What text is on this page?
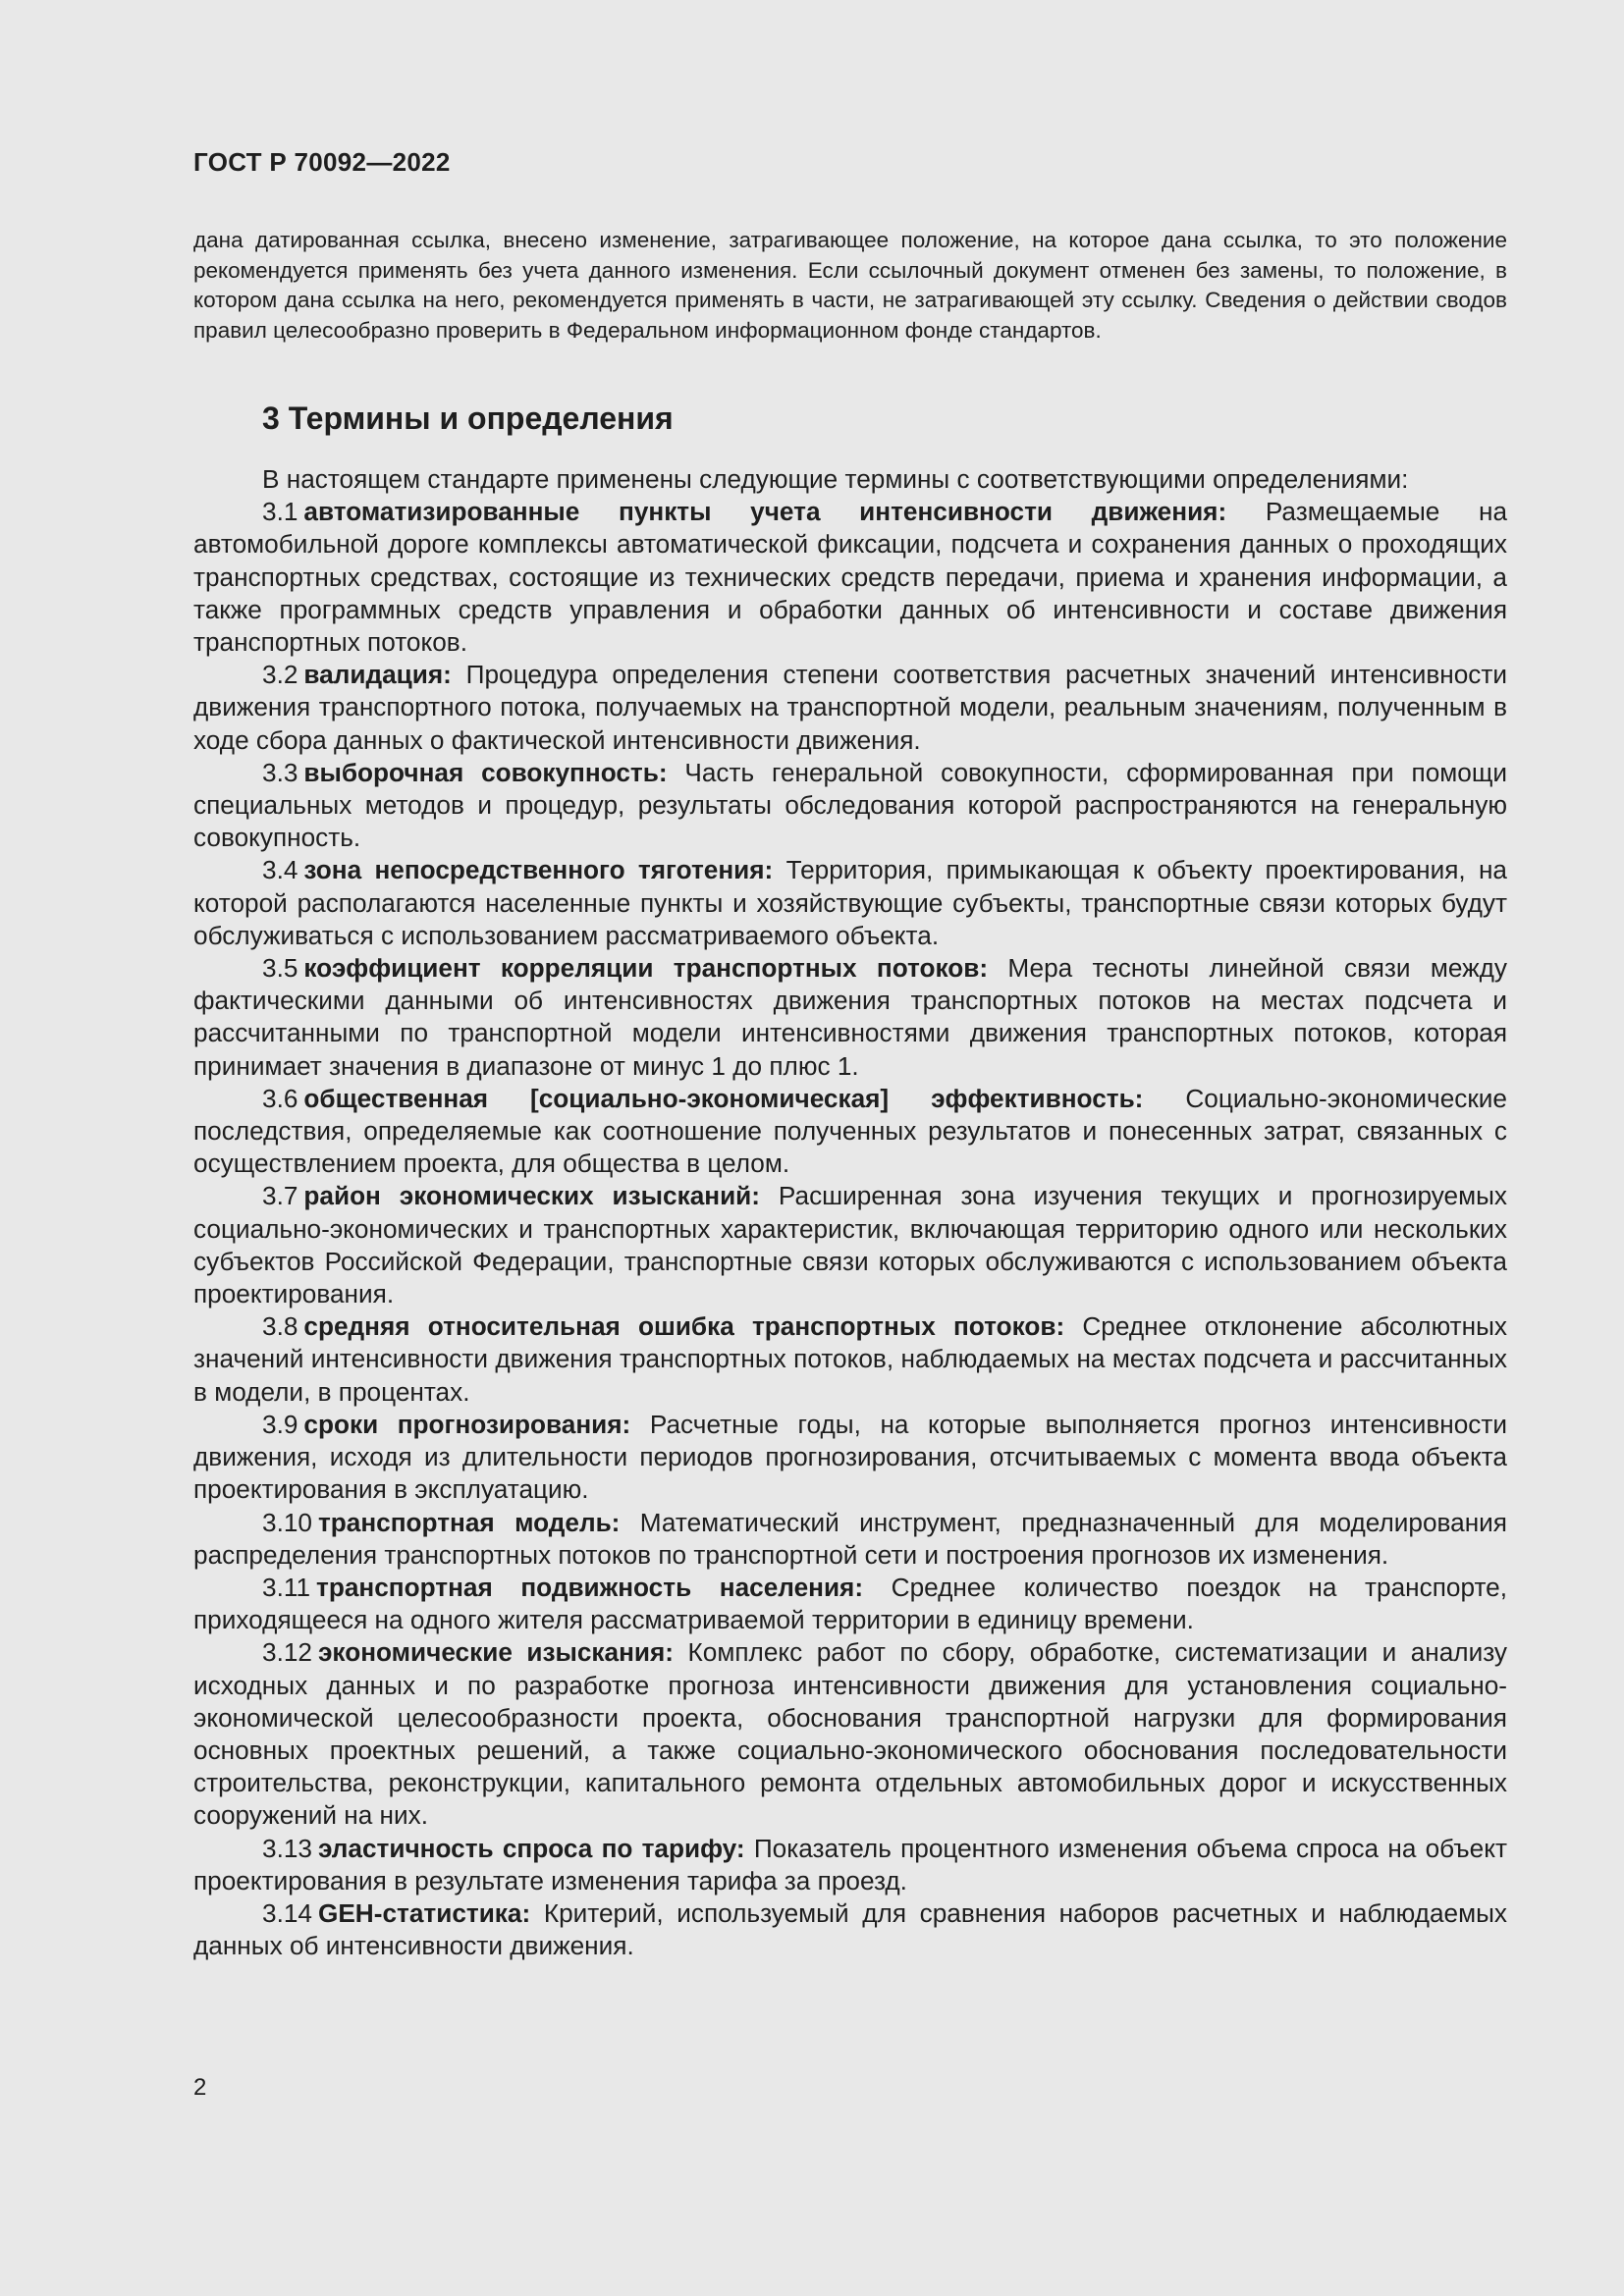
ГОСТ Р 70092—2022

дана датированная ссылка, внесено изменение, затрагивающее положение, на которое дана ссылка, то это положение рекомендуется применять без учета данного изменения. Если ссылочный документ отменен без замены, то положение, в котором дана ссылка на него, рекомендуется применять в части, не затрагивающей эту ссылку. Сведения о действии сводов правил целесообразно проверить в Федеральном информационном фонде стандартов.

3 Термины и определения

В настоящем стандарте применены следующие термины с соответствующими определениями:

3.1 автоматизированные пункты учета интенсивности движения: Размещаемые на автомобильной дороге комплексы автоматической фиксации, подсчета и сохранения данных о проходящих транспортных средствах, состоящие из технических средств передачи, приема и хранения информации, а также программных средств управления и обработки данных об интенсивности и составе движения транспортных потоков.

3.2 валидация: Процедура определения степени соответствия расчетных значений интенсивности движения транспортного потока, получаемых на транспортной модели, реальным значениям, полученным в ходе сбора данных о фактической интенсивности движения.

3.3 выборочная совокупность: Часть генеральной совокупности, сформированная при помощи специальных методов и процедур, результаты обследования которой распространяются на генеральную совокупность.

3.4 зона непосредственного тяготения: Территория, примыкающая к объекту проектирования, на которой располагаются населенные пункты и хозяйствующие субъекты, транспортные связи которых будут обслуживаться с использованием рассматриваемого объекта.

3.5 коэффициент корреляции транспортных потоков: Мера тесноты линейной связи между фактическими данными об интенсивностях движения транспортных потоков на местах подсчета и рассчитанными по транспортной модели интенсивностями движения транспортных потоков, которая принимает значения в диапазоне от минус 1 до плюс 1.

3.6 общественная [социально-экономическая] эффективность: Социально-экономические последствия, определяемые как соотношение полученных результатов и понесенных затрат, связанных с осуществлением проекта, для общества в целом.

3.7 район экономических изысканий: Расширенная зона изучения текущих и прогнозируемых социально-экономических и транспортных характеристик, включающая территорию одного или нескольких субъектов Российской Федерации, транспортные связи которых обслуживаются с использованием объекта проектирования.

3.8 средняя относительная ошибка транспортных потоков: Среднее отклонение абсолютных значений интенсивности движения транспортных потоков, наблюдаемых на местах подсчета и рассчитанных в модели, в процентах.

3.9 сроки прогнозирования: Расчетные годы, на которые выполняется прогноз интенсивности движения, исходя из длительности периодов прогнозирования, отсчитываемых с момента ввода объекта проектирования в эксплуатацию.

3.10 транспортная модель: Математический инструмент, предназначенный для моделирования распределения транспортных потоков по транспортной сети и построения прогнозов их изменения.

3.11 транспортная подвижность населения: Среднее количество поездок на транспорте, приходящееся на одного жителя рассматриваемой территории в единицу времени.

3.12 экономические изыскания: Комплекс работ по сбору, обработке, систематизации и анализу исходных данных и по разработке прогноза интенсивности движения для установления социально-экономической целесообразности проекта, обоснования транспортной нагрузки для формирования основных проектных решений, а также социально-экономического обоснования последовательности строительства, реконструкции, капитального ремонта отдельных автомобильных дорог и искусственных сооружений на них.

3.13 эластичность спроса по тарифу: Показатель процентного изменения объема спроса на объект проектирования в результате изменения тарифа за проезд.

3.14 GEH-статистика: Критерий, используемый для сравнения наборов расчетных и наблюдаемых данных об интенсивности движения.

2
